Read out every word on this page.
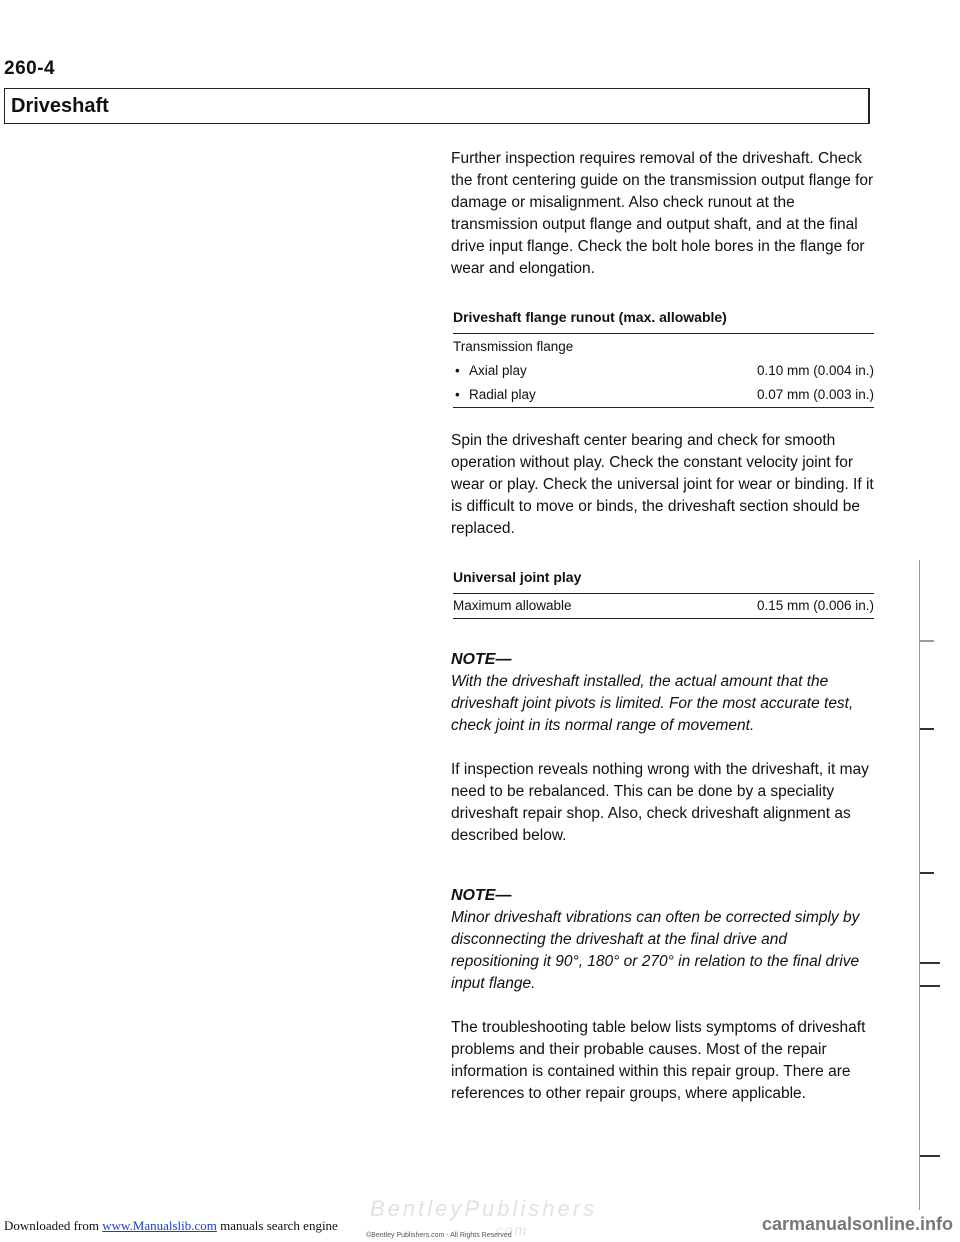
260-4
Driveshaft

Further inspection requires removal of the driveshaft. Check the front centering guide on the transmission output flange for damage or misalignment. Also check runout at the transmission output flange and output shaft, and at the final drive input flange. Check the bolt hole bores in the flange for wear and elongation.

Driveshaft flange runout (max. allowable)
Transmission flange
• Axial play	0.10 mm (0.004 in.)
• Radial play	0.07 mm (0.003 in.)

Spin the driveshaft center bearing and check for smooth operation without play. Check the constant velocity joint for wear or play. Check the universal joint for wear or binding. If it is difficult to move or binds, the driveshaft section should be replaced.

Universal joint play
Maximum allowable	0.15 mm (0.006 in.)
NOTE—

With the driveshaft installed, the actual amount that the driveshaft joint pivots is limited. For the most accurate test, check joint in its normal range of movement.

If inspection reveals nothing wrong with the driveshaft, it may need to be rebalanced. This can be done by a speciality driveshaft repair shop. Also, check driveshaft alignment as described below.

NOTE—

Minor driveshaft vibrations can often be corrected simply by disconnecting the driveshaft at the final drive and repositioning it 90°, 180° or 270° in relation to the final drive input flange.

The troubleshooting table below lists symptoms of driveshaft problems and their probable causes. Most of the repair information is contained within this repair group. There are references to other repair groups, where applicable.

BentleyPublishers
.com
©Bentley Publishers.com - All Rights Reserved
Downloaded from www.Manualslib.com manuals search engine	carmanualsonline.info
